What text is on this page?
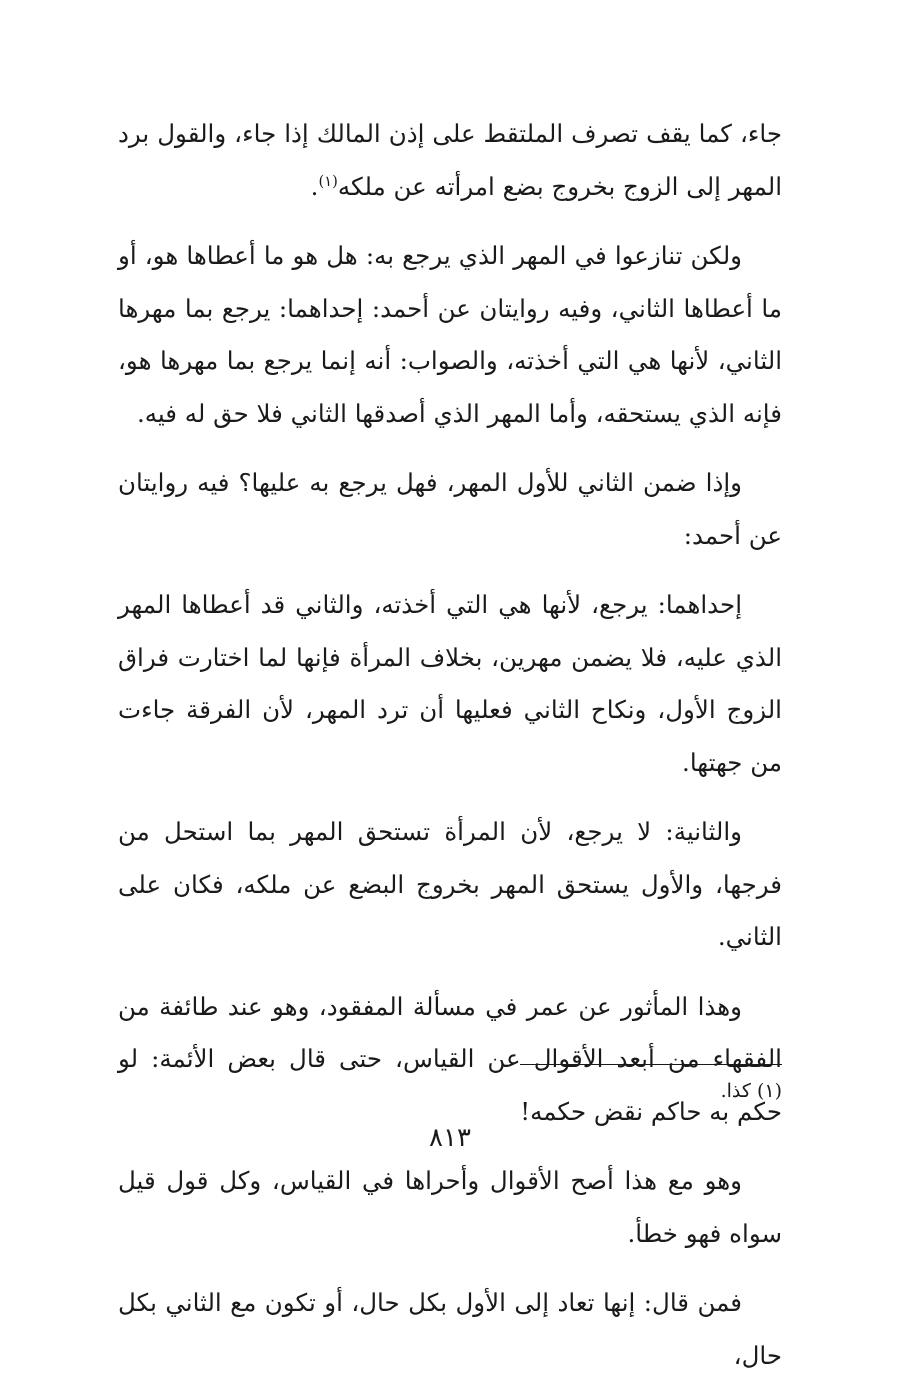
جاء، كما يقف تصرف الملتقط على إذن المالك إذا جاء، والقول برد المهر إلى الزوج بخروج بضع امرأته عن ملكه$^{(١)}$.

ولكن تنازعوا في المهر الذي يرجع به: هل هو ما أعطاها هو، أو ما أعطاها الثاني، وفيه روايتان عن أحمد: إحداهما: يرجع بما مهرها الثاني، لأنها هي التي أخذته، والصواب: أنه إنما يرجع بما مهرها هو، فإنه الذي يستحقه، وأما المهر الذي أصدقها الثاني فلا حق له فيه.

وإذا ضمن الثاني للأول المهر، فهل يرجع به عليها؟ فيه روايتان عن أحمد:

إحداهما: يرجع، لأنها هي التي أخذته، والثاني قد أعطاها المهر الذي عليه، فلا يضمن مهرين، بخلاف المرأة فإنها لما اختارت فراق الزوج الأول، ونكاح الثاني فعليها أن ترد المهر، لأن الفرقة جاءت من جهتها.

والثانية: لا يرجع، لأن المرأة تستحق المهر بما استحل من فرجها، والأول يستحق المهر بخروج البضع عن ملكه، فكان على الثاني.

وهذا المأثور عن عمر في مسألة المفقود، وهو عند طائفة من الفقهاء من أبعد الأقوال عن القياس، حتى قال بعض الأئمة: لو حكم به حاكم نقض حكمه!

وهو مع هذا أصح الأقوال وأحراها في القياس، وكل قول قيل سواه فهو خطأ.

فمن قال: إنها تعاد إلى الأول بكل حال، أو تكون مع الثاني بكل حال،

(١) كذا.
٨١٣
